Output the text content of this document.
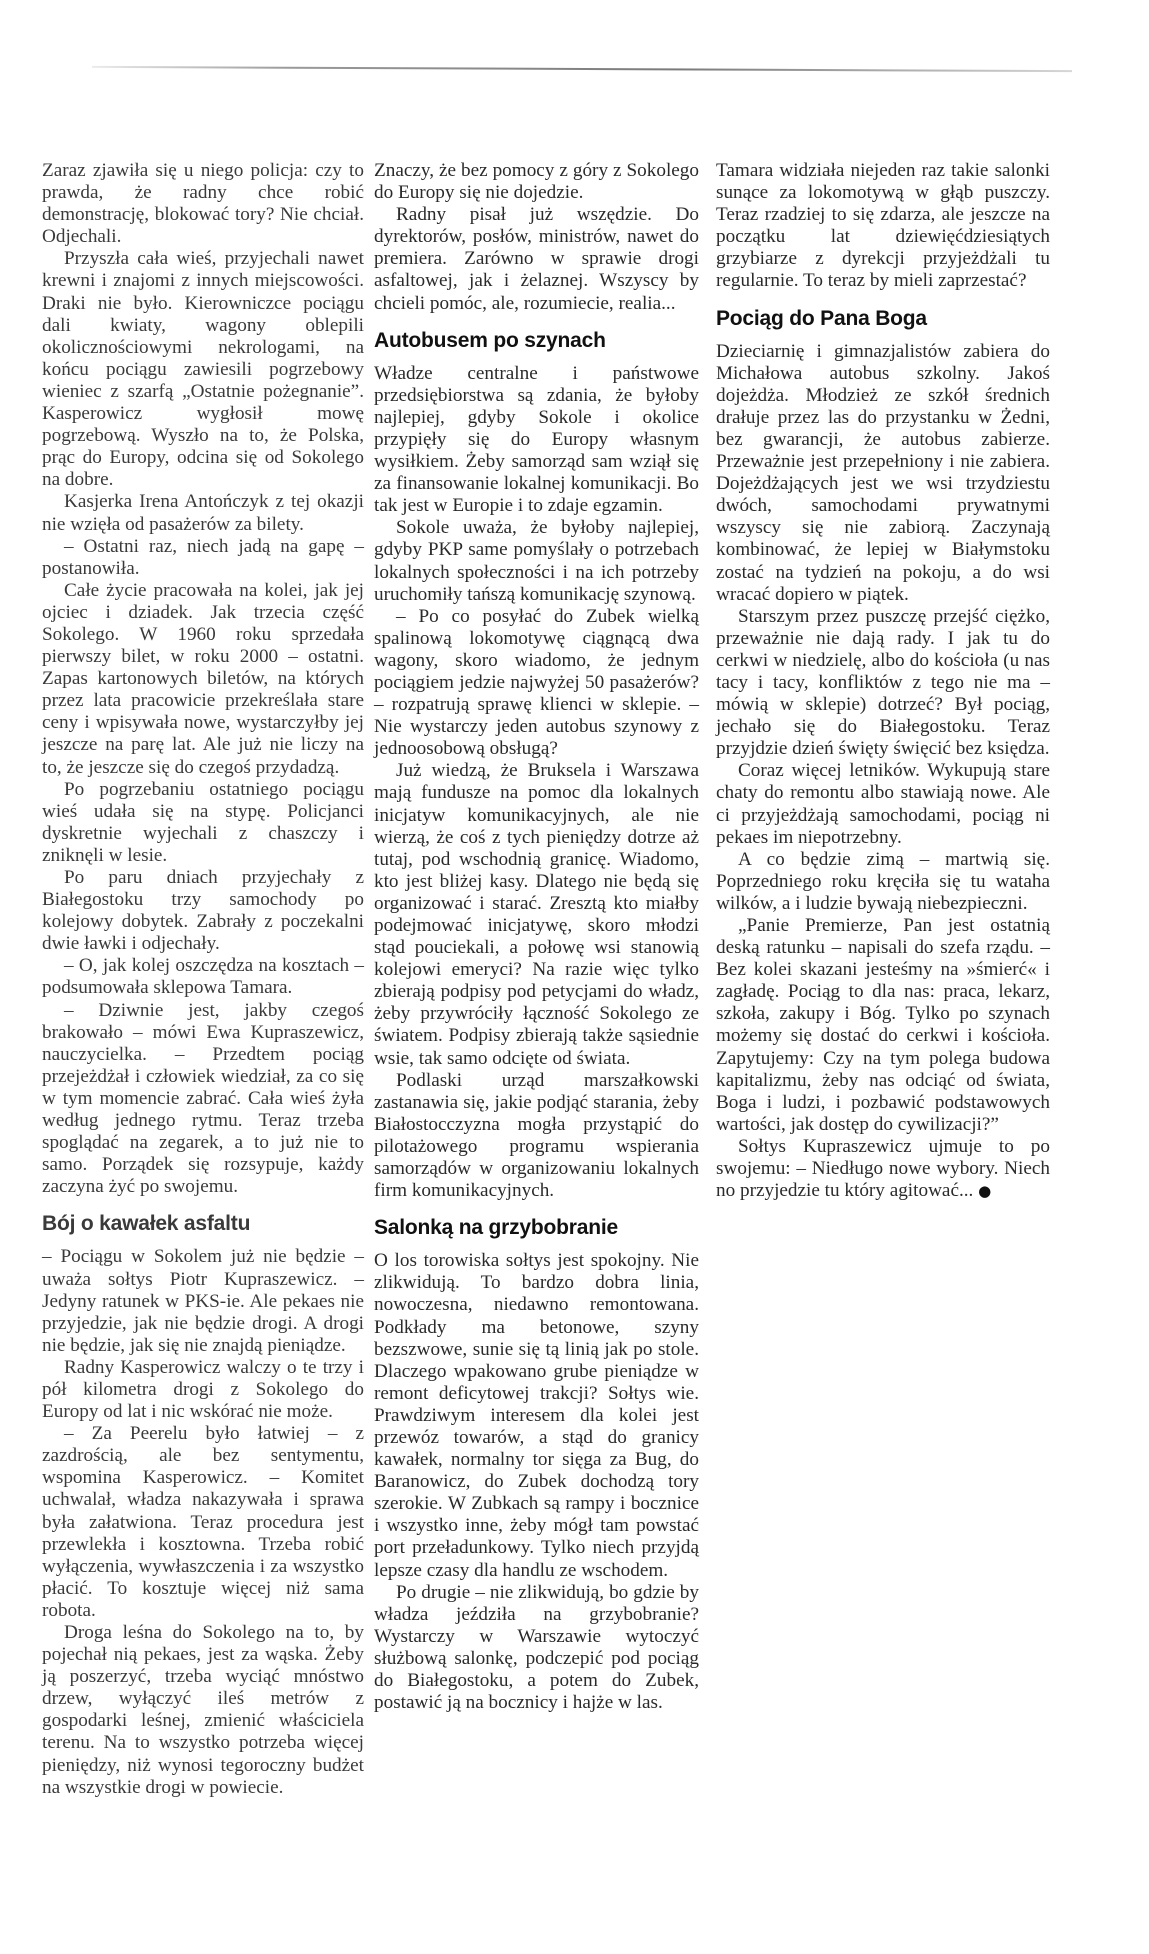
Zaraz zjawiła się u niego policja: czy to prawda, że radny chce robić demonstrację, blokować tory? Nie chciał. Odjechali.

Przyszła cała wieś, przyjechali nawet krewni i znajomi z innych miejscowości. Draki nie było. Kierowniczce pociągu dali kwiaty, wagony oblepili okolicznościowymi nekrologami, na końcu pociągu zawiesili pogrzebowy wieniec z szarfą „Ostatnie pożegnanie”. Kasperowicz wygłosił mowę pogrzebową. Wyszło na to, że Polska, prąc do Europy, odcina się od Sokolego na dobre.

Kasjerka Irena Antończyk z tej okazji nie wzięła od pasażerów za bilety.

– Ostatni raz, niech jadą na gapę – postanowiła.

Całe życie pracowała na kolei, jak jej ojciec i dziadek. Jak trzecia część Sokolego. W 1960 roku sprzedała pierwszy bilet, w roku 2000 – ostatni. Zapas kartonowych biletów, na których przez lata pracowicie przekreślała stare ceny i wpisywała nowe, wystarczyłby jej jeszcze na parę lat. Ale już nie liczy na to, że jeszcze się do czegoś przydadzą.

Po pogrzebaniu ostatniego pociągu wieś udała się na stypę. Policjanci dyskretnie wyjechali z chaszczy i zniknęli w lesie.

Po paru dniach przyjechały z Białegostoku trzy samochody po kolejowy dobytek. Zabrały z poczekalni dwie ławki i odjechały.

– O, jak kolej oszczędza na kosztach – podsumowała sklepowa Tamara.

– Dziwnie jest, jakby czegoś brakowało – mówi Ewa Kupraszewicz, nauczycielka. – Przedtem pociąg przejeżdżał i człowiek wiedział, za co się w tym momencie zabrać. Cała wieś żyła według jednego rytmu. Teraz trzeba spoglądać na zegarek, a to już nie to samo. Porządek się rozsypuje, każdy zaczyna żyć po swojemu.

Bój o kawałek asfaltu

– Pociągu w Sokolem już nie będzie – uważa sołtys Piotr Kupraszewicz. – Jedyny ratunek w PKS-ie. Ale pekaes nie przyjedzie, jak nie będzie drogi. A drogi nie będzie, jak się nie znajdą pieniądze.

Radny Kasperowicz walczy o te trzy i pół kilometra drogi z Sokolego do Europy od lat i nic wskórać nie może.

– Za Peerelu było łatwiej – z zazdrością, ale bez sentymentu, wspomina Kasperowicz. – Komitet uchwalał, władza nakazywała i sprawa była załatwiona. Teraz procedura jest przewlekła i kosztowna. Trzeba robić wyłączenia, wywłaszczenia i za wszystko płacić. To kosztuje więcej niż sama robota.

Droga leśna do Sokolego na to, by pojechał nią pekaes, jest za wąska. Żeby ją poszerzyć, trzeba wyciąć mnóstwo drzew, wyłączyć ileś metrów z gospodarki leśnej, zmienić właściciela terenu. Na to wszystko potrzeba więcej pieniędzy, niż wynosi tegoroczny budżet na wszystkie drogi w powiecie.

Znaczy, że bez pomocy z góry z Sokolego do Europy się nie dojedzie.

Radny pisał już wszędzie. Do dyrektorów, posłów, ministrów, nawet do premiera. Zarówno w sprawie drogi asfaltowej, jak i żelaznej. Wszyscy by chcieli pomóc, ale, rozumiecie, realia...

Autobusem po szynach

Władze centralne i państwowe przedsiębiorstwa są zdania, że byłoby najlepiej, gdyby Sokole i okolice przypięły się do Europy własnym wysiłkiem. Żeby samorząd sam wziął się za finansowanie lokalnej komunikacji. Bo tak jest w Europie i to zdaje egzamin.

Sokole uważa, że byłoby najlepiej, gdyby PKP same pomyślały o potrzebach lokalnych społeczności i na ich potrzeby uruchomiły tańszą komunikację szynową.

– Po co posyłać do Zubek wielką spalinową lokomotywę ciągnącą dwa wagony, skoro wiadomo, że jednym pociągiem jedzie najwyżej 50 pasażerów? – rozpatrują sprawę klienci w sklepie. – Nie wystarczy jeden autobus szynowy z jednoosobową obsługą?

Już wiedzą, że Bruksela i Warszawa mają fundusze na pomoc dla lokalnych inicjatyw komunikacyjnych, ale nie wierzą, że coś z tych pieniędzy dotrze aż tutaj, pod wschodnią granicę. Wiadomo, kto jest bliżej kasy. Dlatego nie będą się organizować i starać. Zresztą kto miałby podejmować inicjatywę, skoro młodzi stąd pouciekali, a połowę wsi stanowią kolejowi emeryci? Na razie więc tylko zbierają podpisy pod petycjami do władz, żeby przywróciły łączność Sokolego ze światem. Podpisy zbierają także sąsiednie wsie, tak samo odcięte od świata.

Podlaski urząd marszałkowski zastanawia się, jakie podjąć starania, żeby Białostocczyzna mogła przystąpić do pilotażowego programu wspierania samorządów w organizowaniu lokalnych firm komunikacyjnych.

Salonką na grzybobranie

O los torowiska sołtys jest spokojny. Nie zlikwidują. To bardzo dobra linia, nowoczesna, niedawno remontowana. Podkłady ma betonowe, szyny bezszwowe, sunie się tą linią jak po stole. Dlaczego wpakowano grube pieniądze w remont deficytowej trakcji? Sołtys wie. Prawdziwym interesem dla kolei jest przewóz towarów, a stąd do granicy kawałek, normalny tor sięga za Bug, do Baranowicz, do Zubek dochodzą tory szerokie. W Zubkach są rampy i bocznice i wszystko inne, żeby mógł tam powstać port przeładunkowy. Tylko niech przyjdą lepsze czasy dla handlu ze wschodem.

Po drugie – nie zlikwidują, bo gdzie by władza jeździła na grzybobranie? Wystarczy w Warszawie wytoczyć służbową salonkę, podczepić pod pociąg do Białegostoku, a potem do Zubek, postawić ją na bocznicy i hajże w las.

Tamara widziała niejeden raz takie salonki sunące za lokomotywą w głąb puszczy. Teraz rzadziej to się zdarza, ale jeszcze na początku lat dziewięćdziesiątych grzybiarze z dyrekcji przyjeżdżali tu regularnie. To teraz by mieli zaprzestać?

Pociąg do Pana Boga

Dzieciarnię i gimnazjalistów zabiera do Michałowa autobus szkolny. Jakoś dojeżdża. Młodzież ze szkół średnich drałuje przez las do przystanku w Żedni, bez gwarancji, że autobus zabierze. Przeważnie jest przepełniony i nie zabiera. Dojeżdżających jest we wsi trzydziestu dwóch, samochodami prywatnymi wszyscy się nie zabiorą. Zaczynają kombinować, że lepiej w Białymstoku zostać na tydzień na pokoju, a do wsi wracać dopiero w piątek.

Starszym przez puszczę przejść ciężko, przeważnie nie dają rady. I jak tu do cerkwi w niedzielę, albo do kościoła (u nas tacy i tacy, konfliktów z tego nie ma – mówią w sklepie) dotrzeć? Był pociąg, jechało się do Białegostoku. Teraz przyjdzie dzień święty święcić bez księdza.

Coraz więcej letników. Wykupują stare chaty do remontu albo stawiają nowe. Ale ci przyjeżdżają samochodami, pociąg ni pekaes im niepotrzebny.

A co będzie zimą – martwią się. Poprzedniego roku kręciła się tu wataha wilków, a i ludzie bywają niebezpieczni.

„Panie Premierze, Pan jest ostatnią deską ratunku – napisali do szefa rządu. – Bez kolei skazani jesteśmy na »śmierć« i zagładę. Pociąg to dla nas: praca, lekarz, szkoła, zakupy i Bóg. Tylko po szynach możemy się dostać do cerkwi i kościoła. Zapytujemy: Czy na tym polega budowa kapitalizmu, żeby nas odciąć od świata, Boga i ludzi, i pozbawić podstawowych wartości, jak dostęp do cywilizacji?”

Sołtys Kupraszewicz ujmuje to po swojemu: – Niedługo nowe wybory. Niech no przyjedzie tu który agitować... ●
